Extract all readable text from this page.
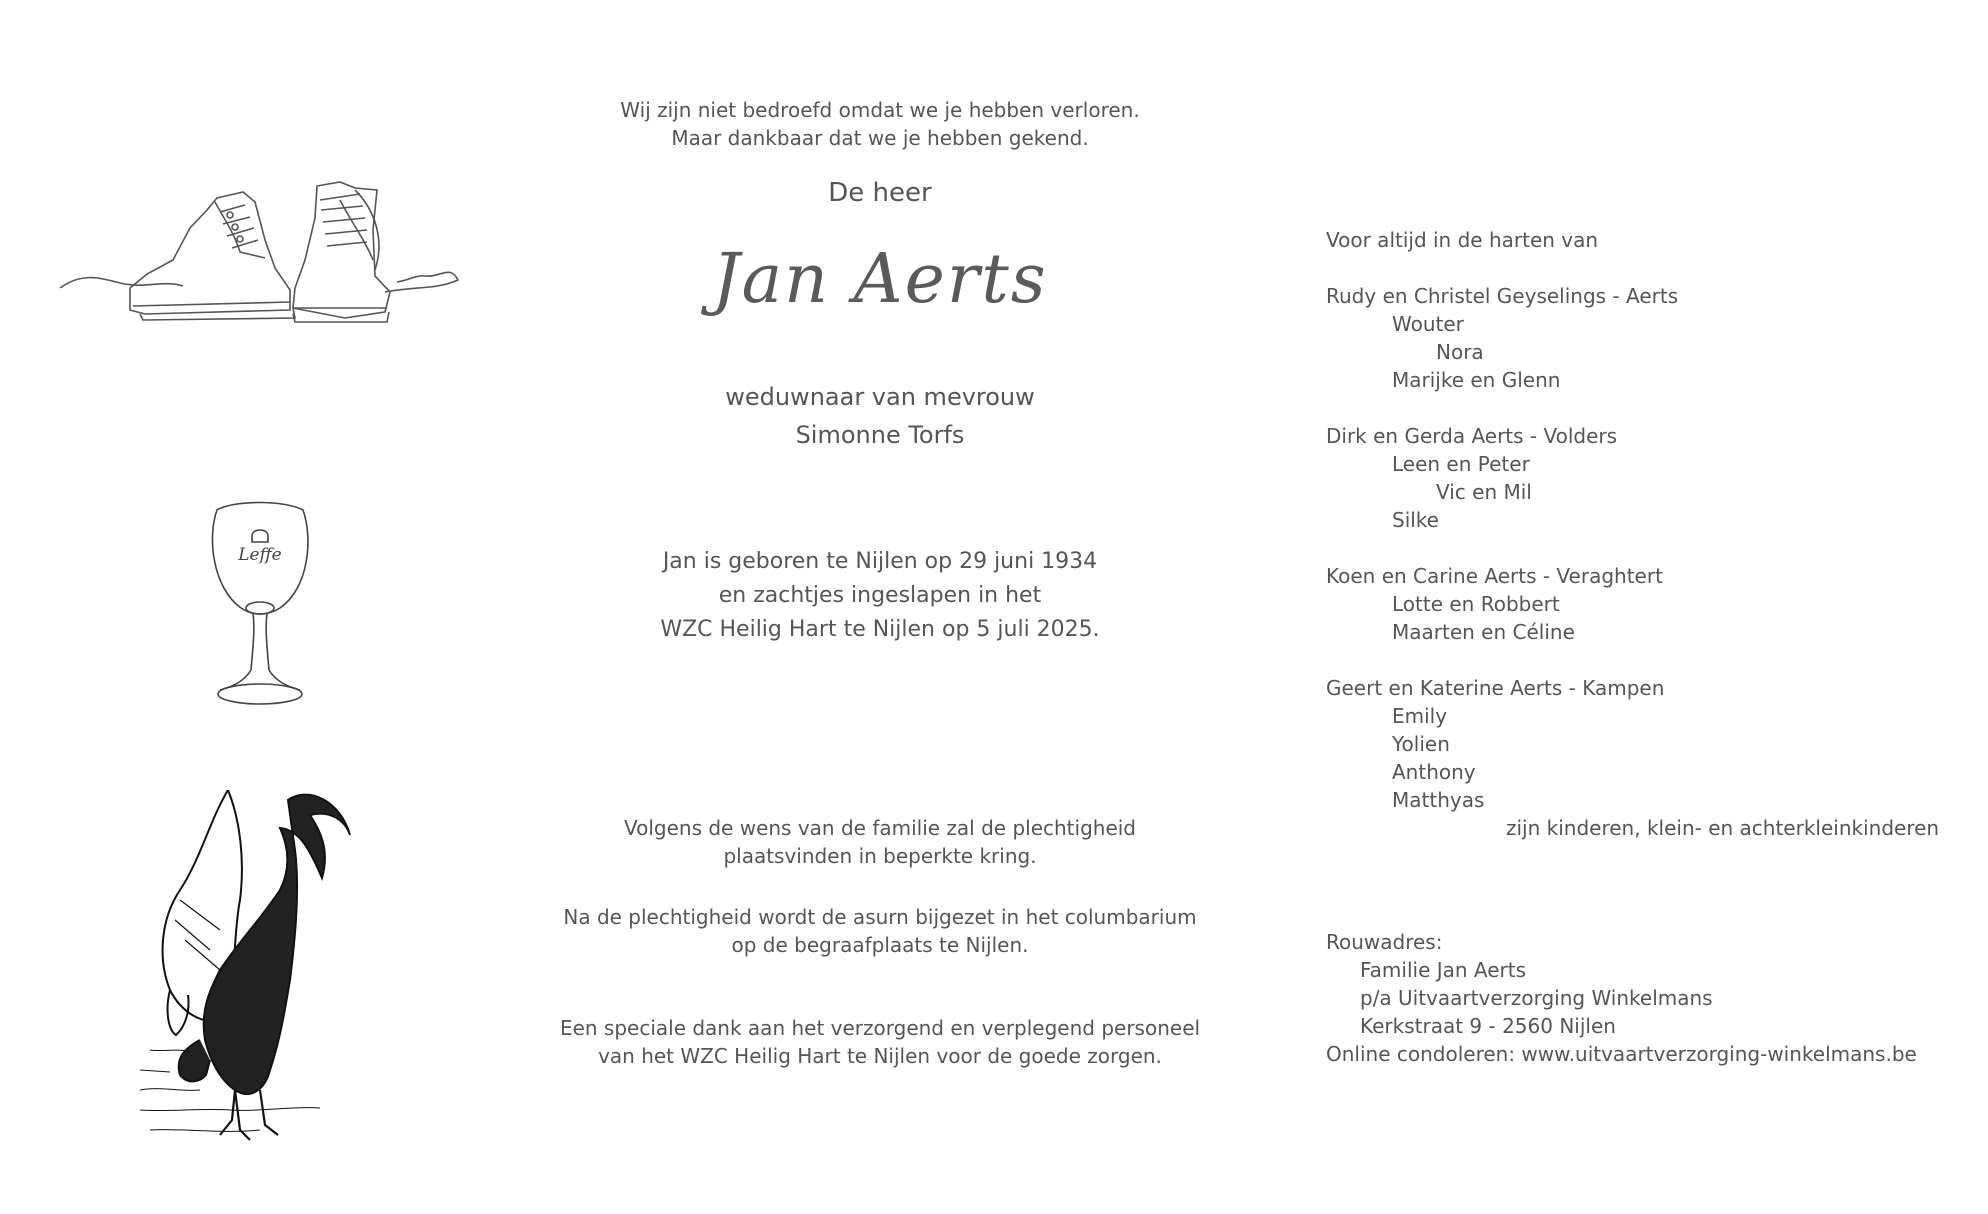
Leffe
Wij zijn niet bedroefd omdat we je hebben verloren.
Maar dankbaar dat we je hebben gekend.
De heer
Jan Aerts
weduwnaar van mevrouw
Simonne Torfs
Jan is geboren te Nijlen op 29 juni 1934
en zachtjes ingeslapen in het
WZC Heilig Hart te Nijlen op 5 juli 2025.
Volgens de wens van de familie zal de plechtigheid
plaatsvinden in beperkte kring.
Na de plechtigheid wordt de asurn bijgezet in het columbarium
op de begraafplaats te Nijlen.
Een speciale dank aan het verzorgend en verplegend personeel
van het WZC Heilig Hart te Nijlen voor de goede zorgen.
Voor altijd in de harten van
Rudy en Christel Geyselings - Aerts
Wouter
Nora
Marijke en Glenn
Dirk en Gerda Aerts - Volders
Leen en Peter
Vic en Mil
Silke
Koen en Carine Aerts - Veraghtert
Lotte en Robbert
Maarten en Céline
Geert en Katerine Aerts - Kampen
Emily
Yolien
Anthony
Matthyas
zijn kinderen, klein- en achterkleinkinderen
Rouwadres:
Familie Jan Aerts
p/a Uitvaartverzorging Winkelmans
Kerkstraat 9 - 2560 Nijlen
Online condoleren: www.uitvaartverzorging-winkelmans.be
